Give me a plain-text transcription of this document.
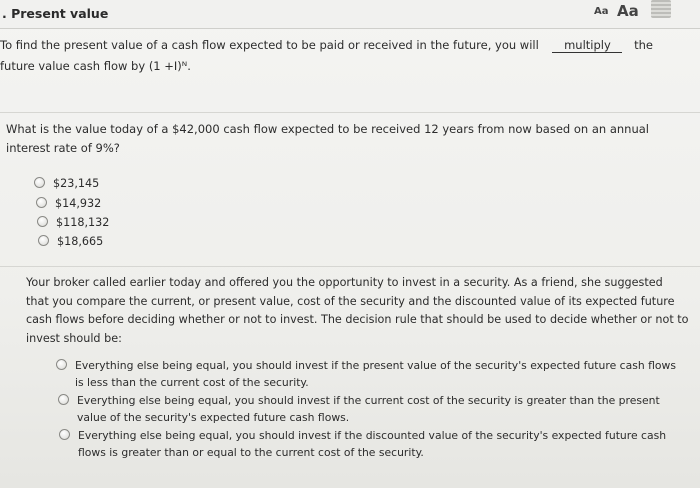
. Present value	Aa Aa
To find the present value of a cash flow expected to be paid or received in the future, you will multiply the
future value cash flow by (1 +I)ᴺ.
What is the value today of a $42,000 cash flow expected to be received 12 years from now based on an annual
interest rate of 9%?
$23,145
$14,932
$118,132
$18,665
Your broker called earlier today and offered you the opportunity to invest in a security. As a friend, she suggested
that you compare the current, or present value, cost of the security and the discounted value of its expected future
cash flows before deciding whether or not to invest. The decision rule that should be used to decide whether or not to
invest should be:
Everything else being equal, you should invest if the present value of the security's expected future cash flows
is less than the current cost of the security.
Everything else being equal, you should invest if the current cost of the security is greater than the present
value of the security's expected future cash flows.
Everything else being equal, you should invest if the discounted value of the security's expected future cash
flows is greater than or equal to the current cost of the security.
